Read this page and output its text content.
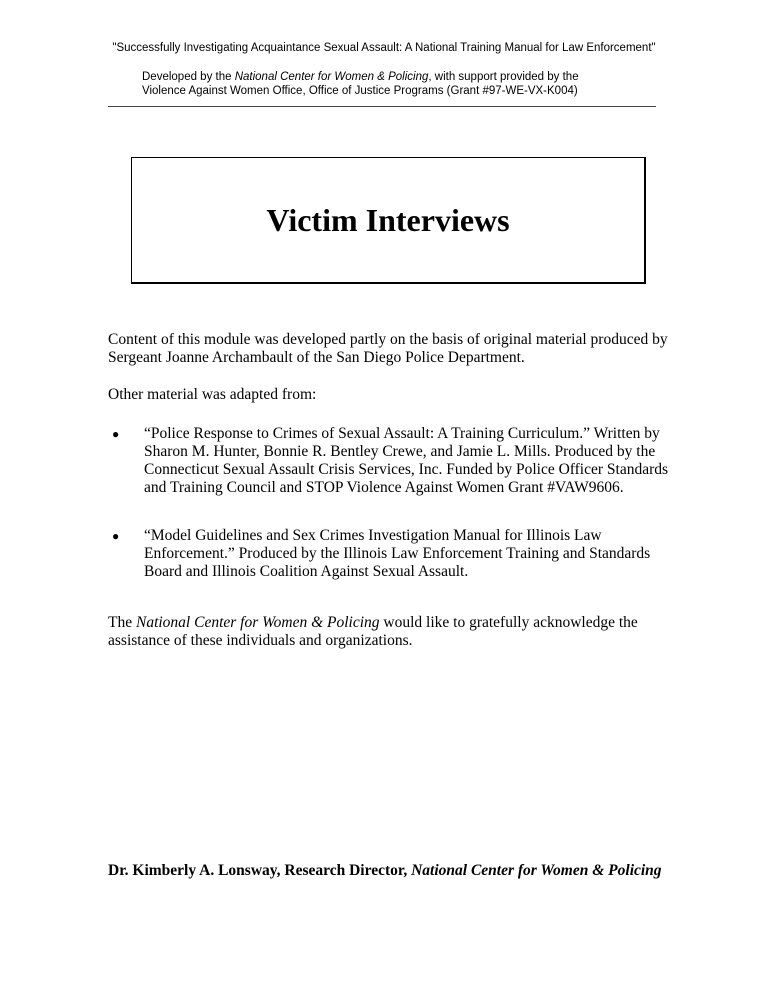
"Successfully Investigating Acquaintance Sexual Assault: A National Training Manual for Law Enforcement"
Developed by the National Center for Women & Policing, with support provided by the
Violence Against Women Office, Office of Justice Programs (Grant #97-WE-VX-K004)
Victim Interviews
Content of this module was developed partly on the basis of original material produced by Sergeant Joanne Archambault of the San Diego Police Department.
Other material was adapted from:
● “Police Response to Crimes of Sexual Assault: A Training Curriculum.” Written by Sharon M. Hunter, Bonnie R. Bentley Crewe, and Jamie L. Mills. Produced by the Connecticut Sexual Assault Crisis Services, Inc. Funded by Police Officer Standards and Training Council and STOP Violence Against Women Grant #VAW9606.
● “Model Guidelines and Sex Crimes Investigation Manual for Illinois Law Enforcement.” Produced by the Illinois Law Enforcement Training and Standards Board and Illinois Coalition Against Sexual Assault.
The National Center for Women & Policing would like to gratefully acknowledge the assistance of these individuals and organizations.
Dr. Kimberly A. Lonsway, Research Director, National Center for Women & Policing
